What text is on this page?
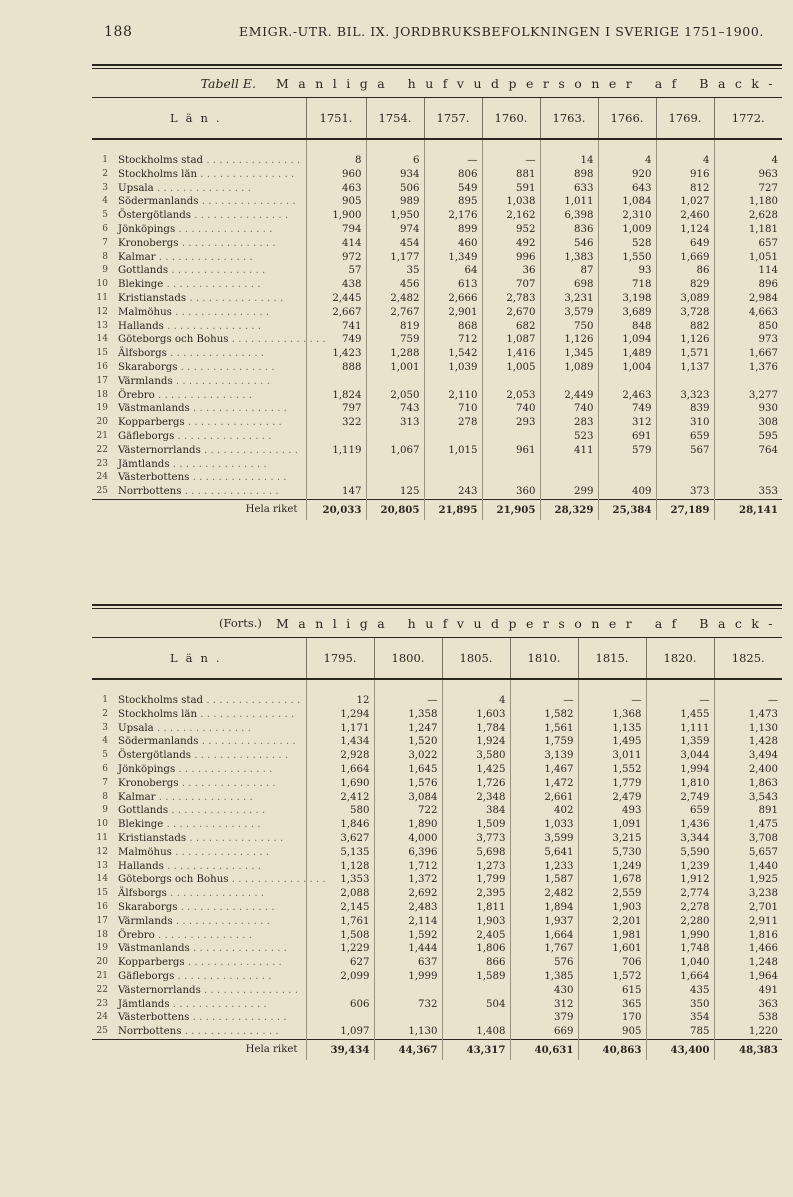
188	EMIGR.-UTR. BIL. IX. JORDBRUKSBEFOLKNINGEN I SVERIGE 1751–1900.
Tabell E.	Manliga hufvudpersoner af Back-
Län.		1751.	1754.	1757.	1760.	1763.	1766.	1769.	1772.
1	Stockholms stad . . . . . . . . . . . . . . .	8	6	—	—	14	4	4	4
2	Stockholms län . . . . . . . . . . . . . . .	960	934	806	881	898	920	916	963
3	Upsala . . . . . . . . . . . . . . .	463	506	549	591	633	643	812	727
4	Södermanlands . . . . . . . . . . . . . . .	905	989	895	1,038	1,011	1,084	1,027	1,180
5	Östergötlands . . . . . . . . . . . . . . .	1,900	1,950	2,176	2,162	6,398	2,310	2,460	2,628
6	Jönköpings . . . . . . . . . . . . . . .	794	974	899	952	836	1,009	1,124	1,181
7	Kronobergs . . . . . . . . . . . . . . .	414	454	460	492	546	528	649	657
8	Kalmar . . . . . . . . . . . . . . .	972	1,177	1,349	996	1,383	1,550	1,669	1,051
9	Gottlands . . . . . . . . . . . . . . .	57	35	64	36	87	93	86	114
10	Blekinge . . . . . . . . . . . . . . .	438	456	613	707	698	718	829	896
11	Kristianstads . . . . . . . . . . . . . . .	2,445	2,482	2,666	2,783	3,231	3,198	3,089	2,984
12	Malmöhus . . . . . . . . . . . . . . .	2,667	2,767	2,901	2,670	3,579	3,689	3,728	4,663
13	Hallands . . . . . . . . . . . . . . .	741	819	868	682	750	848	882	850
14	Göteborgs och Bohus . . . . . . . . . . . . . . .	749	759	712	1,087	1,126	1,094	1,126	973
15	Älfsborgs . . . . . . . . . . . . . . .	1,423	1,288	1,542	1,416	1,345	1,489	1,571	1,667
16	Skaraborgs . . . . . . . . . . . . . . .	888	1,001	1,039	1,005	1,089	1,004	1,137	1,376
17	Värmlands . . . . . . . . . . . . . . .								
18	Örebro . . . . . . . . . . . . . . .	1,824	2,050	2,110	2,053	2,449	2,463	3,323	3,277
19	Västmanlands . . . . . . . . . . . . . . .	797	743	710	740	740	749	839	930
20	Kopparbergs . . . . . . . . . . . . . . .	322	313	278	293	283	312	310	308
21	Gäfleborgs . . . . . . . . . . . . . . .					523	691	659	595
22	Västernorrlands . . . . . . . . . . . . . . .	1,119	1,067	1,015	961	411	579	567	764
23	Jämtlands . . . . . . . . . . . . . . .								
24	Västerbottens . . . . . . . . . . . . . . .								
25	Norrbottens . . . . . . . . . . . . . . .	147	125	243	360	299	409	373	353
Hela riket		20,033	20,805	21,895	21,905	28,329	25,384	27,189	28,141
(Forts.)	Manliga hufvudpersoner af Back-
Län.		1795.	1800.	1805.	1810.	1815.	1820.	1825.
1	Stockholms stad . . . . . . . . . . . . . . .	12	—	4	—	—	—	—
2	Stockholms län . . . . . . . . . . . . . . .	1,294	1,358	1,603	1,582	1,368	1,455	1,473
3	Upsala . . . . . . . . . . . . . . .	1,171	1,247	1,784	1,561	1,135	1,111	1,130
4	Södermanlands . . . . . . . . . . . . . . .	1,434	1,520	1,924	1,759	1,495	1,359	1,428
5	Östergötlands . . . . . . . . . . . . . . .	2,928	3,022	3,580	3,139	3,011	3,044	3,494
6	Jönköpings . . . . . . . . . . . . . . .	1,664	1,645	1,425	1,467	1,552	1,994	2,400
7	Kronobergs . . . . . . . . . . . . . . .	1,690	1,576	1,726	1,472	1,779	1,810	1,863
8	Kalmar . . . . . . . . . . . . . . .	2,412	3,084	2,348	2,661	2,479	2,749	3,543
9	Gottlands . . . . . . . . . . . . . . .	580	722	384	402	493	659	891
10	Blekinge . . . . . . . . . . . . . . .	1,846	1,890	1,509	1,033	1,091	1,436	1,475
11	Kristianstads . . . . . . . . . . . . . . .	3,627	4,000	3,773	3,599	3,215	3,344	3,708
12	Malmöhus . . . . . . . . . . . . . . .	5,135	6,396	5,698	5,641	5,730	5,590	5,657
13	Hallands . . . . . . . . . . . . . . .	1,128	1,712	1,273	1,233	1,249	1,239	1,440
14	Göteborgs och Bohus . . . . . . . . . . . . . . .	1,353	1,372	1,799	1,587	1,678	1,912	1,925
15	Älfsborgs . . . . . . . . . . . . . . .	2,088	2,692	2,395	2,482	2,559	2,774	3,238
16	Skaraborgs . . . . . . . . . . . . . . .	2,145	2,483	1,811	1,894	1,903	2,278	2,701
17	Värmlands . . . . . . . . . . . . . . .	1,761	2,114	1,903	1,937	2,201	2,280	2,911
18	Örebro . . . . . . . . . . . . . . .	1,508	1,592	2,405	1,664	1,981	1,990	1,816
19	Västmanlands . . . . . . . . . . . . . . .	1,229	1,444	1,806	1,767	1,601	1,748	1,466
20	Kopparbergs . . . . . . . . . . . . . . .	627	637	866	576	706	1,040	1,248
21	Gäfleborgs . . . . . . . . . . . . . . .	2,099	1,999	1,589	1,385	1,572	1,664	1,964
22	Västernorrlands . . . . . . . . . . . . . . .				430	615	435	491
23	Jämtlands . . . . . . . . . . . . . . .	606	732	504	312	365	350	363
24	Västerbottens . . . . . . . . . . . . . . .				379	170	354	538
25	Norrbottens . . . . . . . . . . . . . . .	1,097	1,130	1,408	669	905	785	1,220
Hela riket		39,434	44,367	43,317	40,631	40,863	43,400	48,383
